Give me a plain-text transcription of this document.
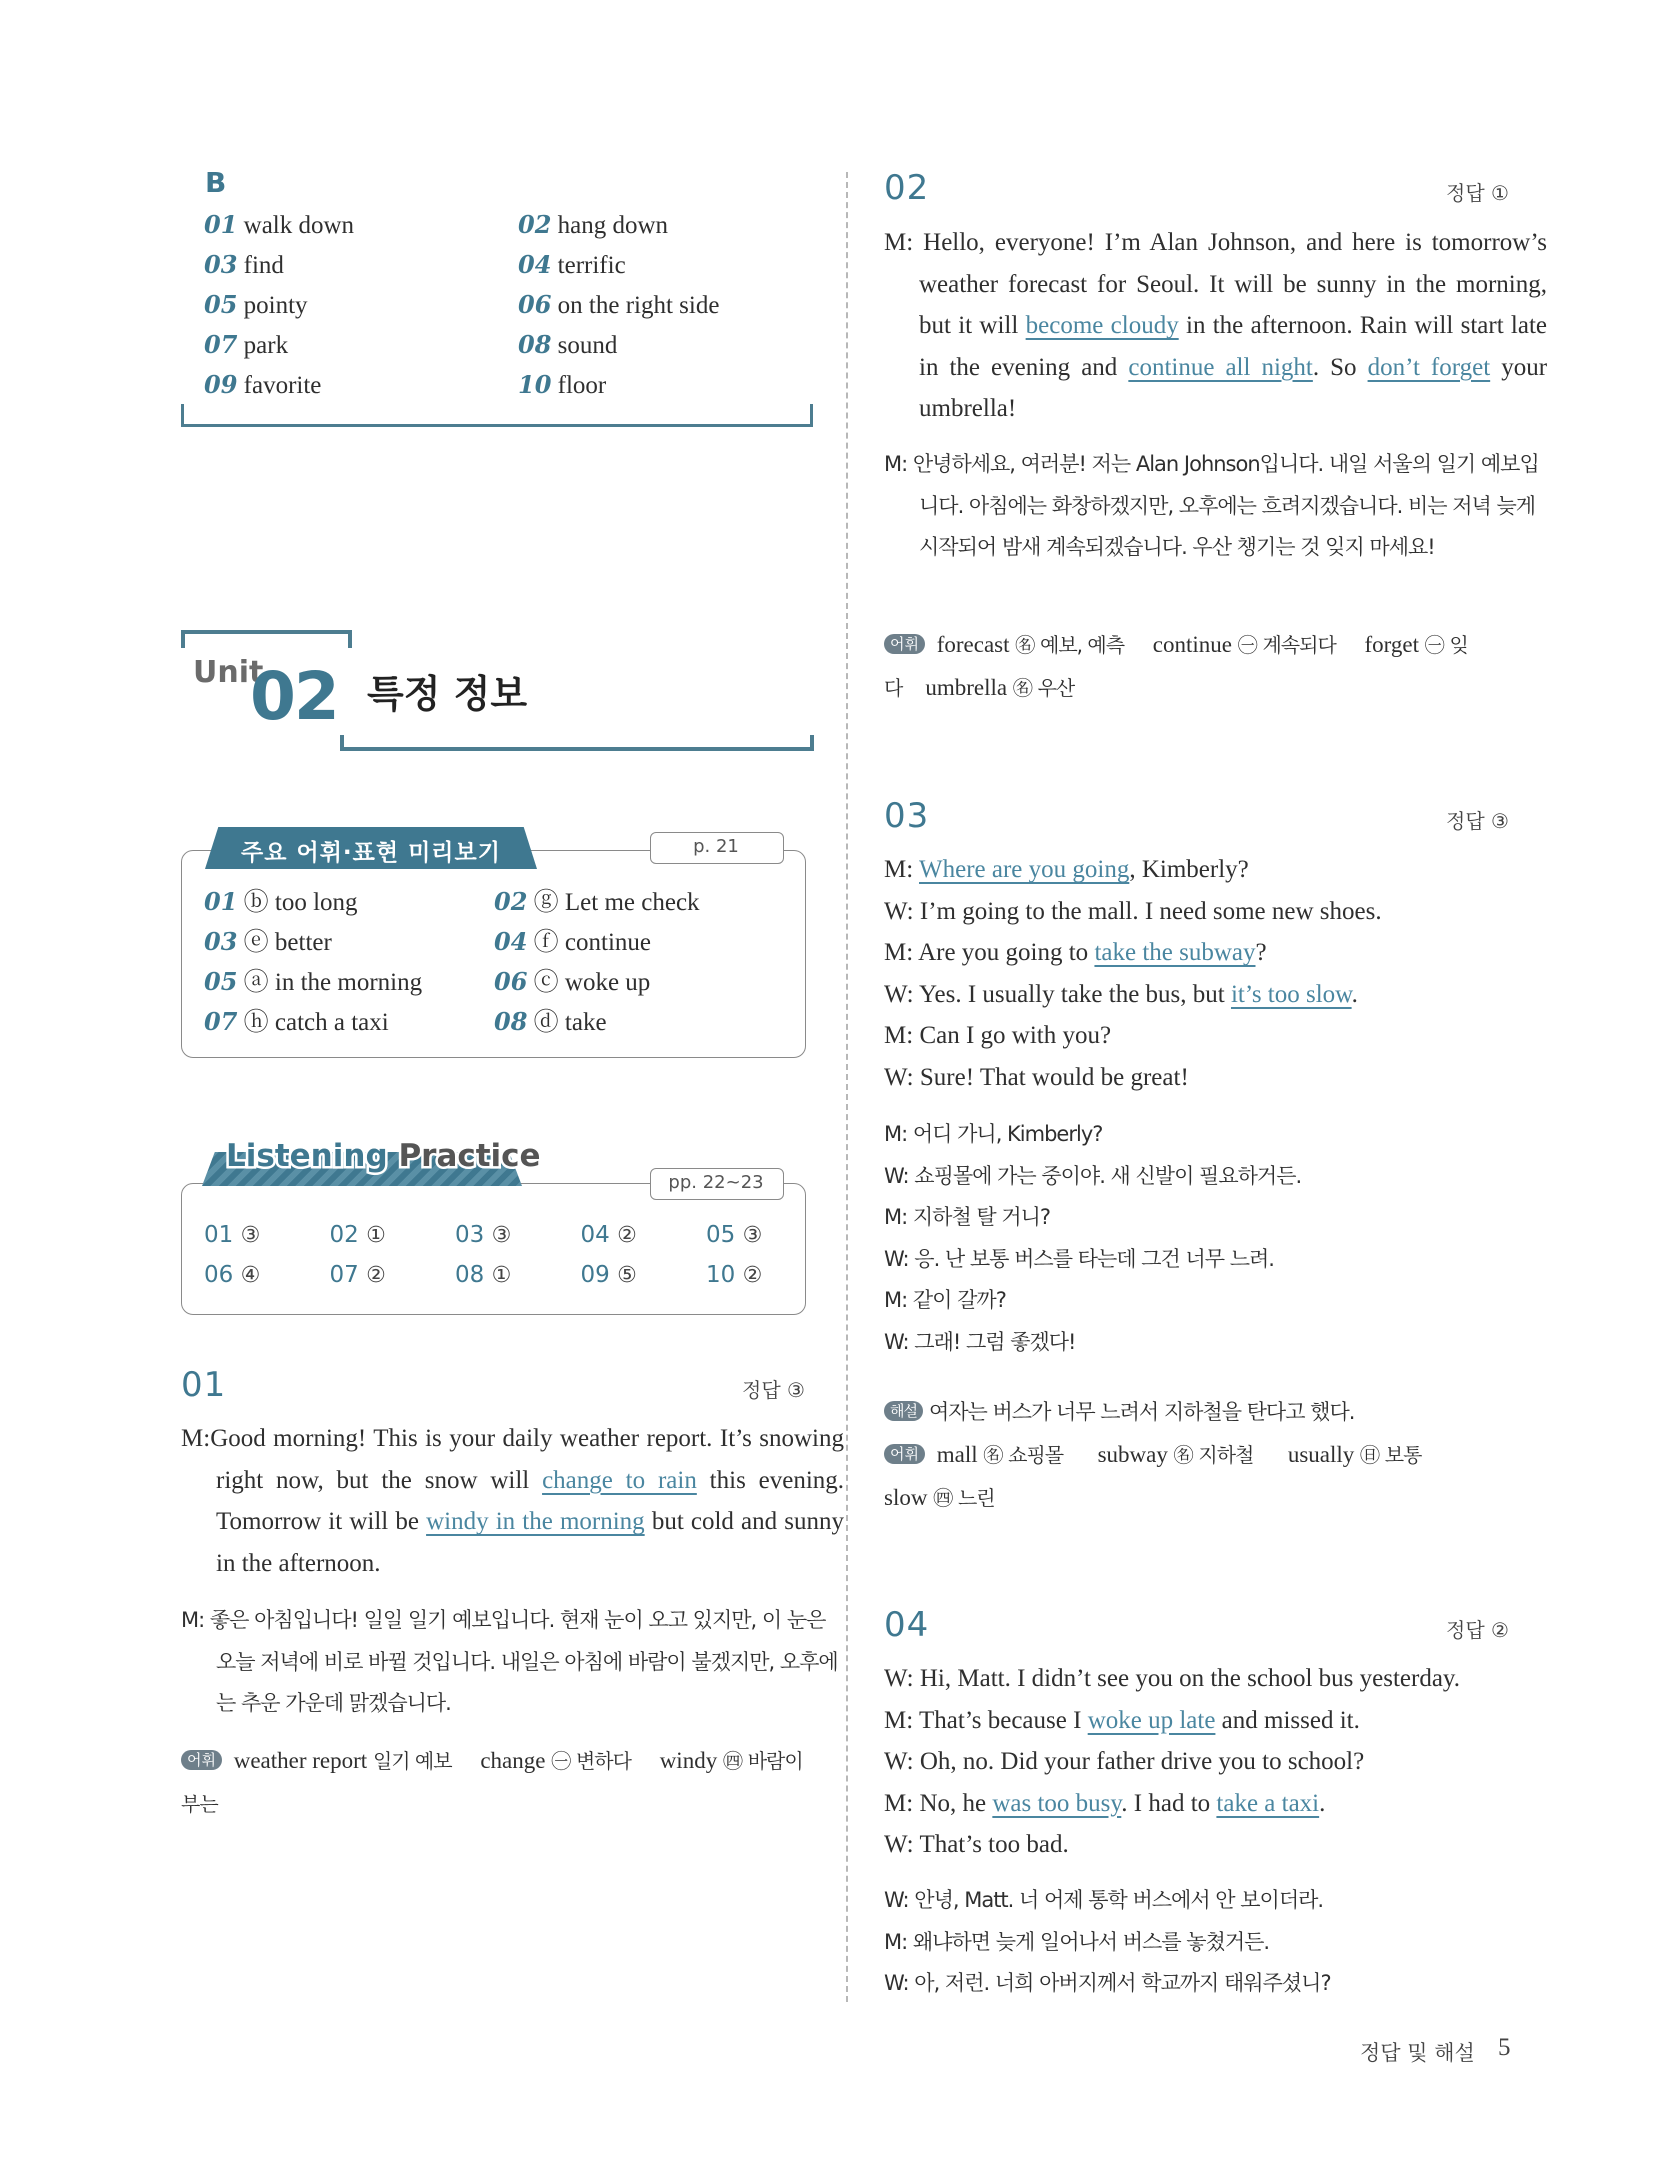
B
01 walk down	02 hang down
03 find	04 terrific
05 pointy	06 on the right side
07 park	08 sound
09 favorite	10 floor
Unit
02 특정 정보
주요 어휘·표현 미리보기	p. 21
01 ⓑ too long	02 ⓖ Let me check
03 ⓔ better	04 ⓕ continue
05 ⓐ in the morning	06 ⓒ woke up
07 ⓗ catch a taxi	08 ⓓ take
Listening Practice
pp. 22~23
01 ③	02 ①	03 ③	04 ②	05 ③
06 ④	07 ②	08 ①	09 ⑤	10 ②
01	정답 ③
M:Good morning! This is your daily weather report. It’s snowing right now, but the snow will change to rain this evening. Tomorrow it will be windy in the morning but cold and sunny in the afternoon.
M: 좋은 아침입니다! 일일 일기 예보입니다. 현재 눈이 오고 있지만, 이 눈은 오늘 저녁에 비로 바뀔 것입니다. 내일은 아침에 바람이 불겠지만, 오후에는 추운 가운데 맑겠습니다.
어휘 weather report 일기 예보 change ㊀ 변하다 windy ㊃ 바람이 부는
02	정답 ①
M: Hello, everyone! I’m Alan Johnson, and here is tomorrow’s weather forecast for Seoul. It will be sunny in the morning, but it will become cloudy in the afternoon. Rain will start late in the evening and continue all night. So don’t forget your umbrella!
M: 안녕하세요, 여러분! 저는 Alan Johnson입니다. 내일 서울의 일기 예보입니다. 아침에는 화창하겠지만, 오후에는 흐려지겠습니다. 비는 저녁 늦게 시작되어 밤새 계속되겠습니다. 우산 챙기는 것 잊지 마세요!
어휘 forecast ㊔ 예보, 예측 continue ㊀ 계속되다 forget ㊀ 잊다 umbrella ㊔ 우산
03	정답 ③
M: Where are you going, Kimberly?
W: I’m going to the mall. I need some new shoes.
M: Are you going to take the subway?
W: Yes. I usually take the bus, but it’s too slow.
M: Can I go with you?
W: Sure! That would be great!
M: 어디 가니, Kimberly?
W: 쇼핑몰에 가는 중이야. 새 신발이 필요하거든.
M: 지하철 탈 거니?
W: 응. 난 보통 버스를 타는데 그건 너무 느려.
M: 같이 갈까?
W: 그래! 그럼 좋겠다!
해설 여자는 버스가 너무 느려서 지하철을 탄다고 했다.
어휘 mall ㊔ 쇼핑몰 subway ㊔ 지하철 usually ㊐ 보통
slow ㊃ 느린
04	정답 ②
W: Hi, Matt. I didn’t see you on the school bus yesterday.
M: That’s because I woke up late and missed it.
W: Oh, no. Did your father drive you to school?
M: No, he was too busy. I had to take a taxi.
W: That’s too bad.
W: 안녕, Matt. 너 어제 통학 버스에서 안 보이더라.
M: 왜냐하면 늦게 일어나서 버스를 놓쳤거든.
W: 아, 저런. 너희 아버지께서 학교까지 태워주셨니?
정답 및 해설 5
